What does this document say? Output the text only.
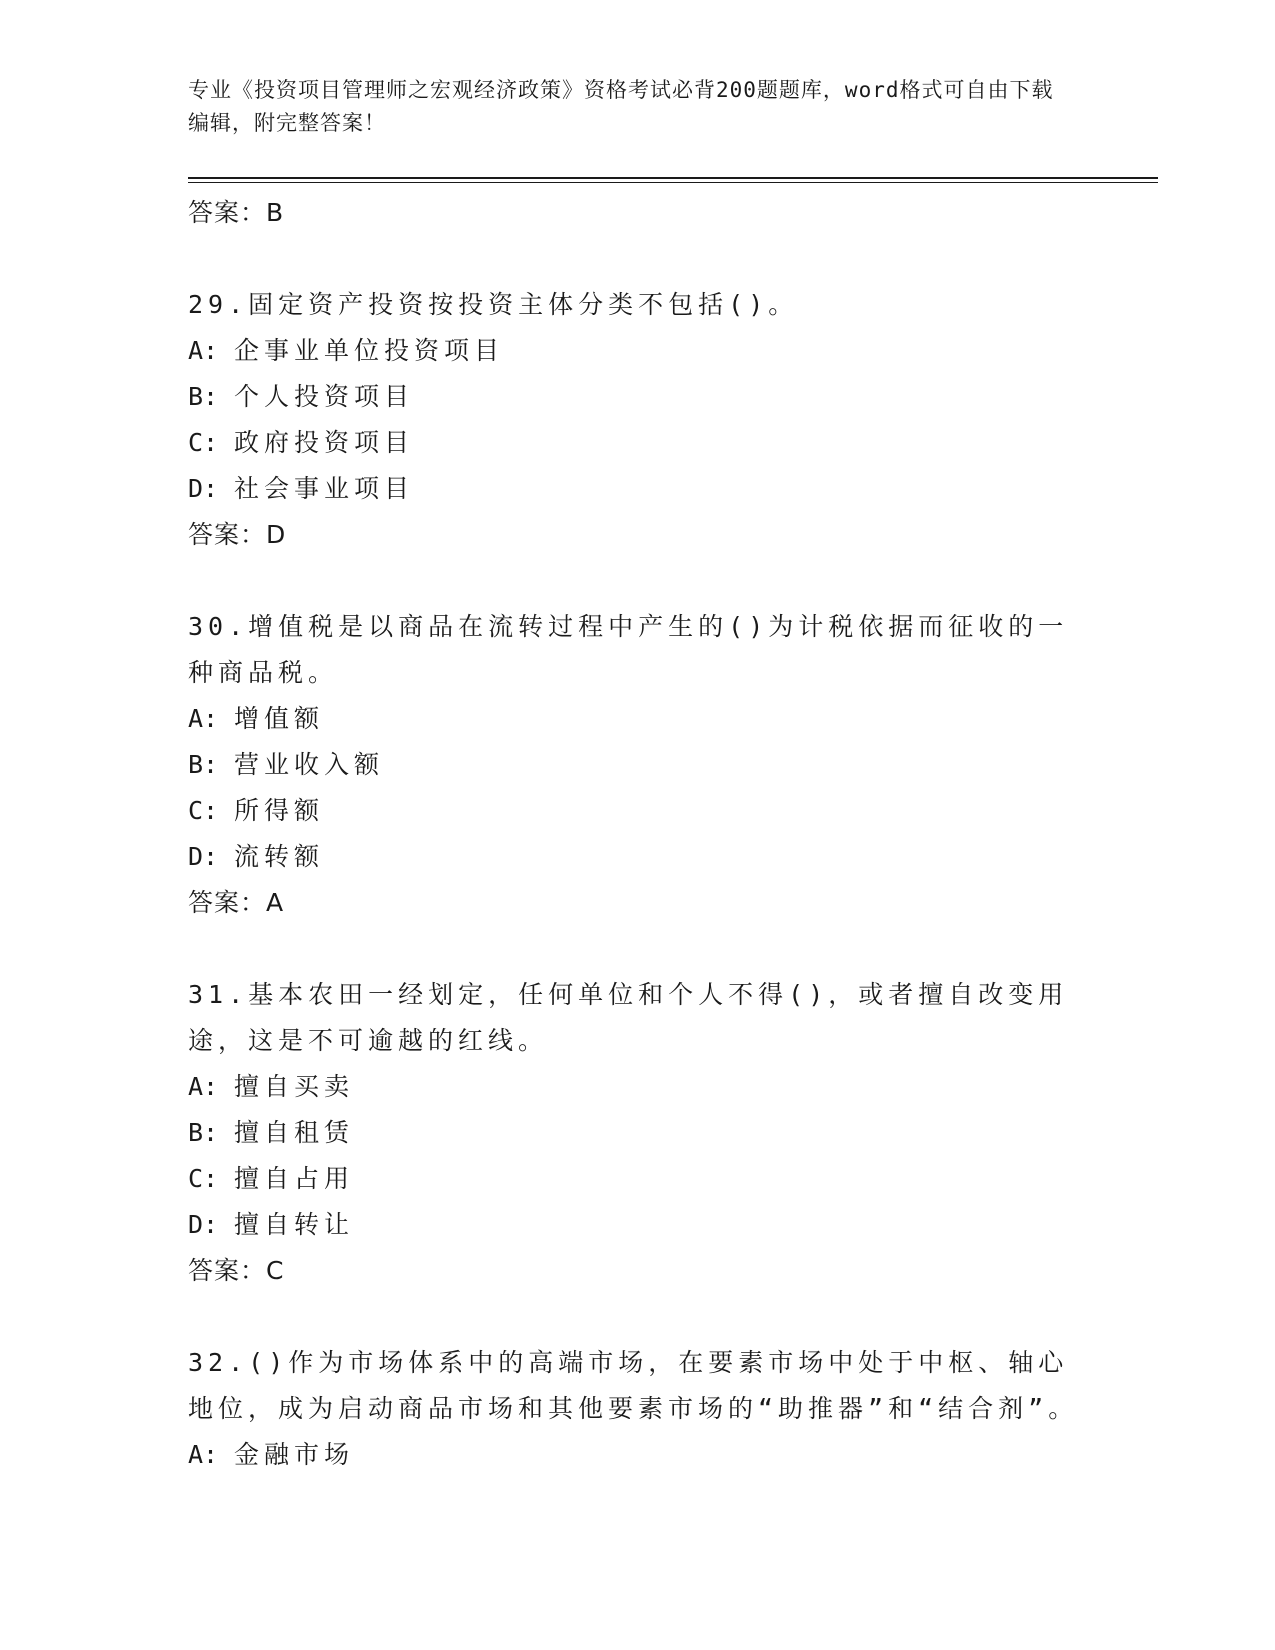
专业《投资项目管理师之宏观经济政策》资格考试必背200题题库，word格式可自由下载编辑，附完整答案！
答案：B

29.固定资产投资按投资主体分类不包括()。

A: 企事业单位投资项目
B: 个人投资项目
C: 政府投资项目
D: 社会事业项目
答案：D

30.增值税是以商品在流转过程中产生的()为计税依据而征收的一种商品税。

A: 增值额
B: 营业收入额
C: 所得额
D: 流转额
答案：A

31.基本农田一经划定，任何单位和个人不得()，或者擅自改变用途，这是不可逾越的红线。

A: 擅自买卖
B: 擅自租赁
C: 擅自占用
D: 擅自转让
答案：C

32.()作为市场体系中的高端市场，在要素市场中处于中枢、轴心地位，成为启动商品市场和其他要素市场的“助推器”和“结合剂”。

A: 金融市场
